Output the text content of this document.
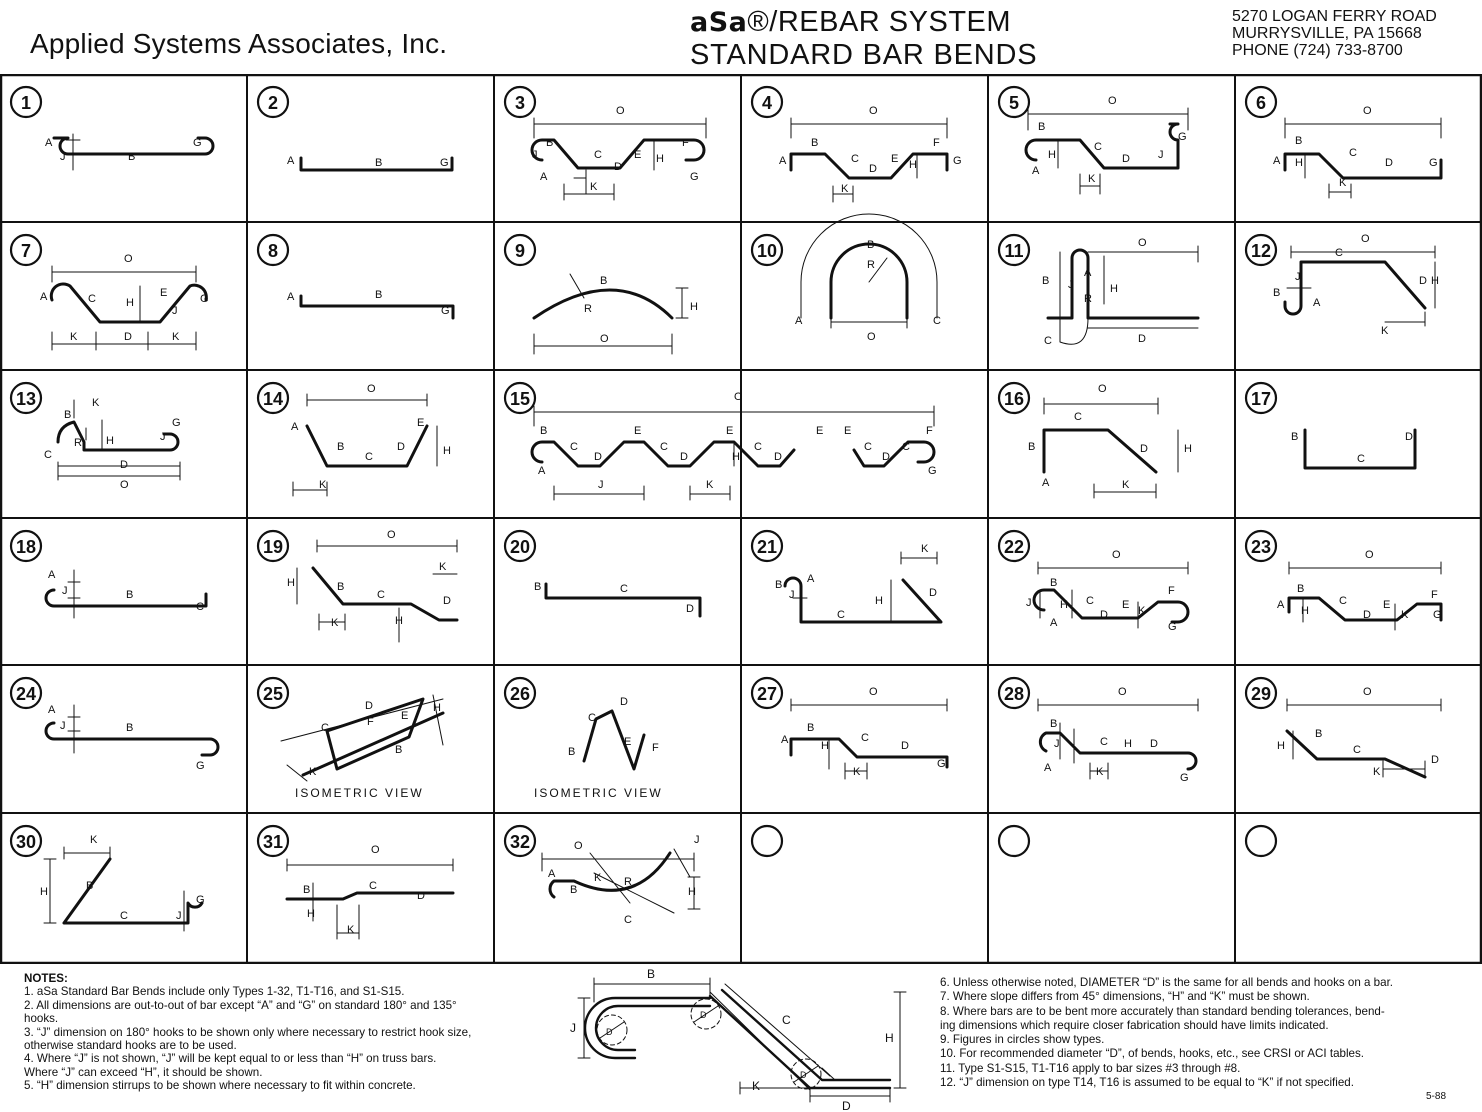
Applied Systems Associates, Inc.
aSa®/REBAR SYSTEM
STANDARD BAR BENDS
5270 LOGAN FERRY ROAD
MURRYSVILLE, PA 15668
PHONE (724) 733-8700
1
A
J	B
G
2
A	B	G
3	O
B
J	C
D
E H
F
A	G
K
4	O
A
B
C
D
E H
F
G
K
5	O
B
H
C
D	J
G
A
K
6	O
A
B
H
C
D	G
K
7	O
A	C	H
E
J
G
K	D	K
8
A	B
G
9
B
R	H
O
10	B
R
A
O
C
11	O
B J
A
R
H
C	D
12
O
C
J
B
A
D H
K
13
B
K
R H	J
G
C
D
O
14	O
A
B
C
D
E
H
K
15	O
B
C
D
E
C
D
E
H
C
D
E E
C
D
C
F
A
J	K
G
16	O
C
B	D	H
A	K
17
B
C
D
18
A
J	B
C
19
O
H	B
C
K
D
K	H
20
B	C
D
21
B A
J
C
H
K
D
22	O
B
J	H C
D
E K
F
A	G
23	O
B
A H
C
D
E
K
F
G
24
A
J	B
G
25
D
F E
C
H
B
K
ISOMETRIC VIEW
26	D
C
B
E F
ISOMETRIC VIEW
27	O
A
B
H
C
D
K
G
28	O
B
J	C H D
A	K	G
29	O
H
B
C
K
D
30	K
B
H
C	J
G
31	O
B	C
D
H
K
32	O
A
B
K R
C
J
H
NOTES:
1. aSa Standard Bar Bends include only Types 1-32, T1-T16, and S1-S15.
2. All dimensions are out-to-out of bar except “A” and “G” on standard 180° and 135°
hooks.
3. “J” dimension on 180° hooks to be shown only where necessary to restrict hook size,
otherwise standard hooks are to be used.
4. Where “J” is not shown, “J” will be kept equal to or less than “H” on truss bars.
Where “J” can exceed “H”, it should be shown.
5. “H” dimension stirrups to be shown where necessary to fit within concrete.
B
J	D
D
D
C
H
K
D
6. Unless otherwise noted, DIAMETER “D” is the same for all bends and hooks on a bar.
7. Where slope differs from 45° dimensions, “H” and “K” must be shown.
8. Where bars are to be bent more accurately than standard bending tolerances, bend-
ing dimensions which require closer fabrication should have limits indicated.
9. Figures in circles show types.
10. For recommended diameter “D”, of bends, hooks, etc., see CRSI or ACI tables.
11. Type S1-S15, T1-T16 apply to bar sizes #3 through #8.
12. “J” dimension on type T14, T16 is assumed to be equal to “K” if not specified.
5-88
